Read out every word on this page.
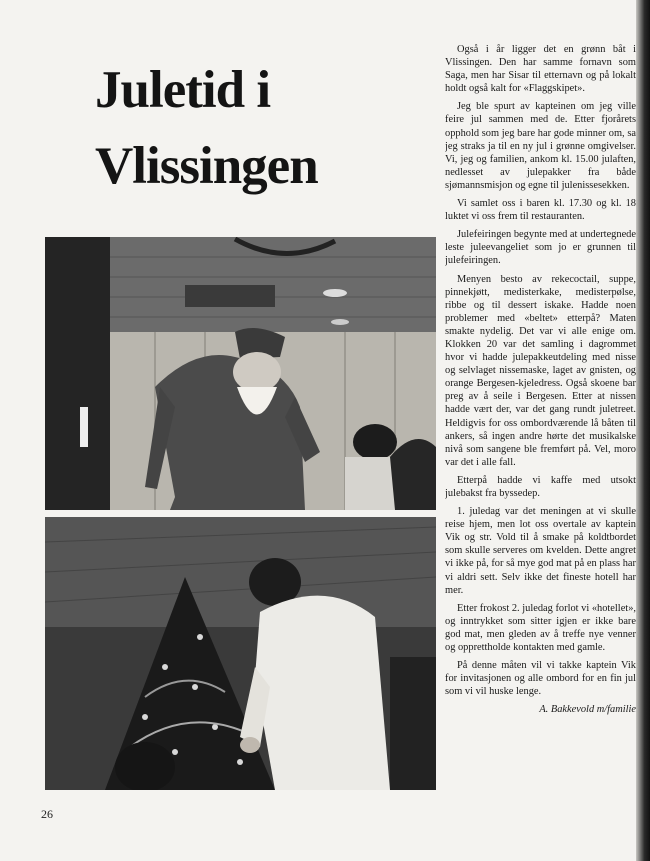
Juletid i
Vlissingen

Også i år ligger det en grønn båt i Vlissingen. Den har samme fornavn som Saga, men har Sisar til etternavn og på lokalt holdt også kalt for «Flaggskipet».

Jeg ble spurt av kapteinen om jeg ville feire jul sammen med de. Etter fjorårets opphold som jeg bare har gode minner om, sa jeg straks ja til en ny jul i grønne omgivelser. Vi, jeg og familien, ankom kl. 15.00 julaften, nedlesset av julepakker fra både sjømannsmisjon og egne til julenissesekken.

Vi samlet oss i baren kl. 17.30 og kl. 18 luktet vi oss frem til restauranten.

Julefeiringen begynte med at undertegnede leste juleevangeliet som jo er grunnen til julefeiringen.

Menyen besto av rekecoctail, suppe, pinnekjøtt, medisterkake, medisterpølse, ribbe og til dessert iskake. Hadde noen problemer med «beltet» etterpå? Maten smakte nydelig. Det var vi alle enige om. Klokken 20 var det samling i dagrommet hvor vi hadde julepakkeutdeling med nisse og selvlaget nissemaske, laget av gnisten, og orange Bergesen-kjeledress. Også skoene bar preg av å seile i Bergesen. Etter at nissen hadde vært der, var det gang rundt juletreet. Heldigvis for oss ombordværende lå båten til ankers, så ingen andre hørte det musikalske nivå som sangene ble fremført på. Vel, moro var det i alle fall.

Etterpå hadde vi kaffe med utsokt julebakst fra byssedep.

1. juledag var det meningen at vi skulle reise hjem, men lot oss overtale av kaptein Vik og str. Vold til å smake på koldtbordet som skulle serveres om kvelden. Dette angret vi ikke på, for så mye god mat på en plass har vi aldri sett. Selv ikke det fineste hotell har mer.

Etter frokost 2. juledag forlot vi «hotellet», og inntrykket som sitter igjen er ikke bare god mat, men gleden av å treffe nye venner og opprettholde kontakten med gamle.

På denne måten vil vi takke kaptein Vik for invitasjonen og alle ombord for en fin jul som vi vil huske lenge.

A. Bakkevold m/familie

26
